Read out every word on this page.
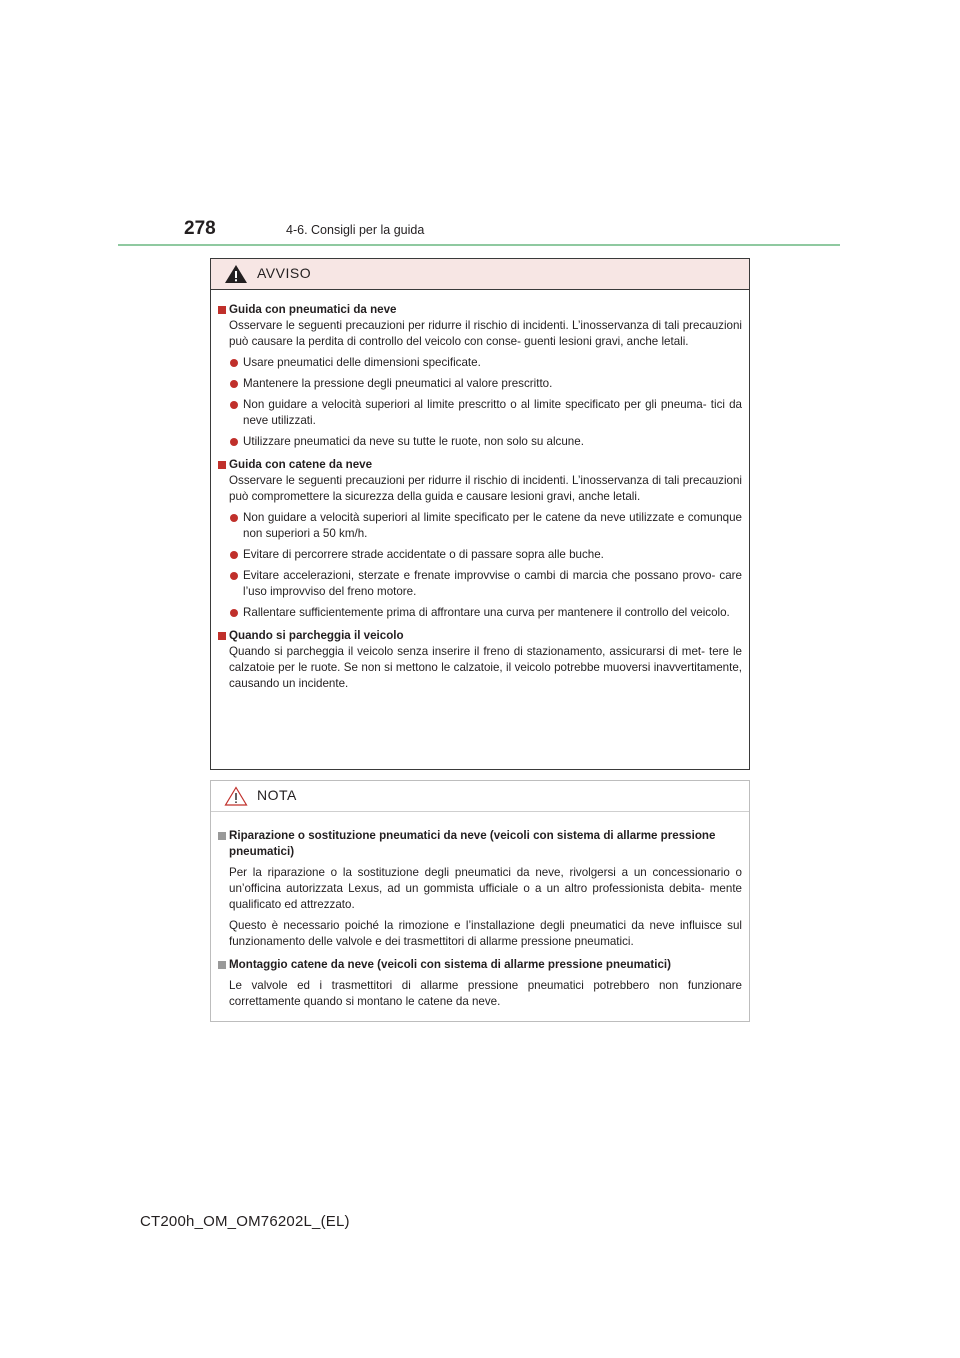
278	4-6. Consigli per la guida
AVVISO
Guida con pneumatici da neve
Osservare le seguenti precauzioni per ridurre il rischio di incidenti. L’inosservanza di tali precauzioni può causare la perdita di controllo del veicolo con conse- guenti lesioni gravi, anche letali.
Usare pneumatici delle dimensioni specificate.
Mantenere la pressione degli pneumatici al valore prescritto.
Non guidare a velocità superiori al limite prescritto o al limite specificato per gli pneuma- tici da neve utilizzati.
Utilizzare pneumatici da neve su tutte le ruote, non solo su alcune.
Guida con catene da neve
Osservare le seguenti precauzioni per ridurre il rischio di incidenti. L’inosservanza di tali precauzioni può compromettere la sicurezza della guida e causare lesioni gravi, anche letali.
Non guidare a velocità superiori al limite specificato per le catene da neve utilizzate e comunque non superiori a 50 km/h.
Evitare di percorrere strade accidentate o di passare sopra alle buche.
Evitare accelerazioni, sterzate e frenate improvvise o cambi di marcia che possano provo- care l’uso improvviso del freno motore.
Rallentare sufficientemente prima di affrontare una curva per mantenere il controllo del veicolo.
Quando si parcheggia il veicolo
Quando si parcheggia il veicolo senza inserire il freno di stazionamento, assicurarsi di met- tere le calzatoie per le ruote. Se non si mettono le calzatoie, il veicolo potrebbe muoversi inavvertitamente, causando un incidente.
NOTA
Riparazione o sostituzione pneumatici da neve (veicoli con sistema di allarme pressione pneumatici)
Per la riparazione o la sostituzione degli pneumatici da neve, rivolgersi a un concessionario o un’officina autorizzata Lexus, ad un gommista ufficiale o a un altro professionista debita- mente qualificato ed attrezzato.
Questo è necessario poiché la rimozione e l’installazione degli pneumatici da neve influisce sul funzionamento delle valvole e dei trasmettitori di allarme pressione pneumatici.
Montaggio catene da neve (veicoli con sistema di allarme pressione pneumatici)
Le valvole ed i trasmettitori di allarme pressione pneumatici potrebbero non funzionare correttamente quando si montano le catene da neve.
CT200h_OM_OM76202L_(EL)
